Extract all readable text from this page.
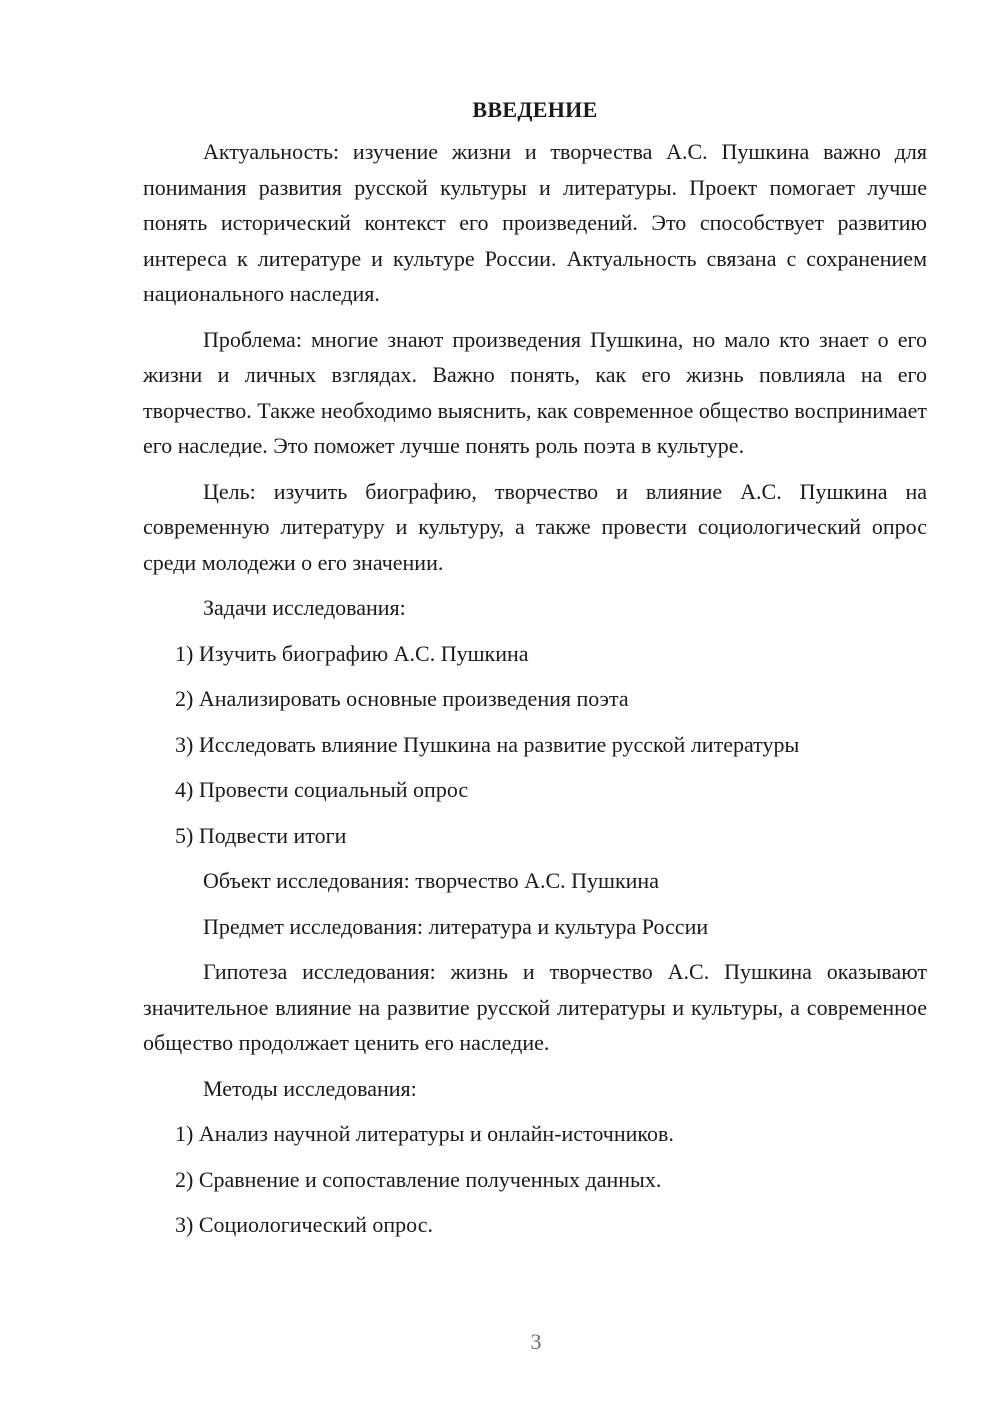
ВВЕДЕНИЕ

Актуальность: изучение жизни и творчества А.С. Пушкина важно для понимания развития русской культуры и литературы. Проект помогает лучше понять исторический контекст его произведений. Это способствует развитию интереса к литературе и культуре России. Актуальность связана с сохранением национального наследия.

Проблема: многие знают произведения Пушкина, но мало кто знает о его жизни и личных взглядах. Важно понять, как его жизнь повлияла на его творчество. Также необходимо выяснить, как современное общество воспринимает его наследие. Это поможет лучше понять роль поэта в культуре.

Цель: изучить биографию, творчество и влияние А.С. Пушкина на современную литературу и культуру, а также провести социологический опрос среди молодежи о его значении.

Задачи исследования:
1) Изучить биографию А.С. Пушкина
2) Анализировать основные произведения поэта
3) Исследовать влияние Пушкина на развитие русской литературы
4) Провести социальный опрос
5) Подвести итоги
Объект исследования: творчество А.С. Пушкина
Предмет исследования: литература и культура России

Гипотеза исследования: жизнь и творчество А.С. Пушкина оказывают значительное влияние на развитие русской литературы и культуры, а современное общество продолжает ценить его наследие.

Методы исследования:
1) Анализ научной литературы и онлайн-источников.
2) Сравнение и сопоставление полученных данных.
3) Социологический опрос.
3
